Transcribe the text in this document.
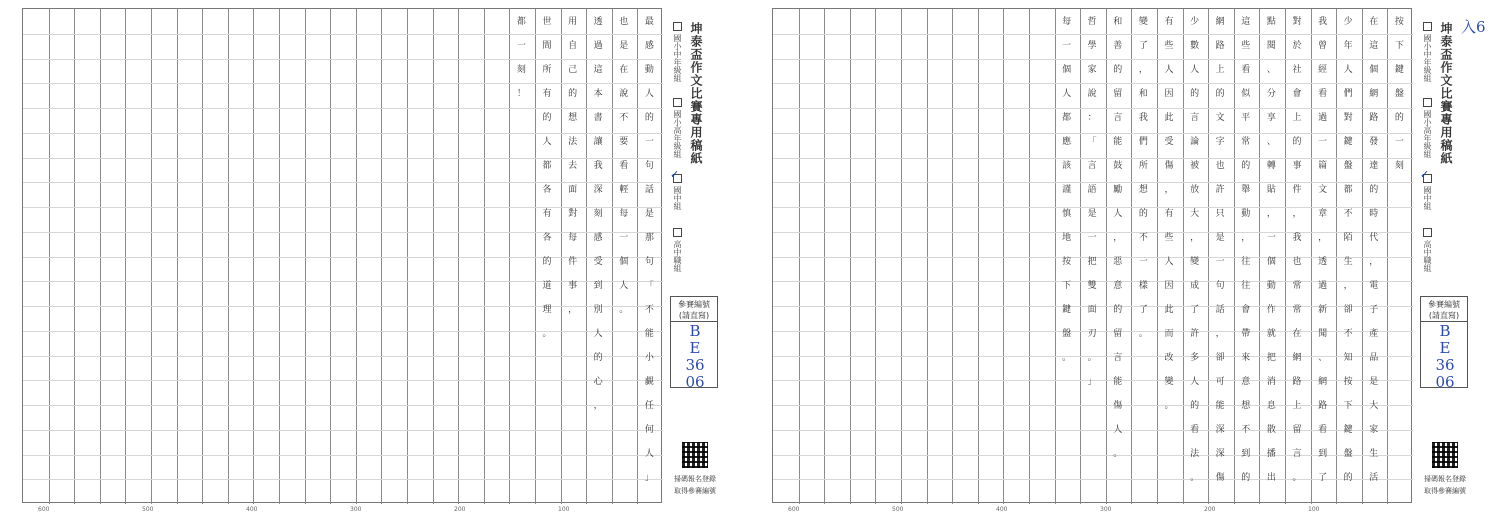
最
感
動
人
的
一
句
話
是
那
句
「
不
能
小
覷
任
何
人
」
也
是
在
說
不
要
看
輕
每
一
個
人
。
透
過
這
本
書
讓
我
深
刻
感
受
到
別
人
的
心
，
用
自
己
的
想
法
去
面
對
每
件
事
，
世
間
所
有
的
人
都
各
有
各
的
道
理
。
都
一
刻
！	坤泰盃作文比賽專用稿紙
國小中年級組
國小高年級組
國中組
✓
高中職組
參賽編號
(請直寫)
BE3606
掃碼報名登錄
取得參賽編號
按
下
鍵
盤
的
一
刻
在
這
個
網
路
發
達
的
時
代
，
電
子
產
品
是
大
家
生
活
少
年
人
們
對
鍵
盤
都
不
陌
生
，
卻
不
知
按
下
鍵
盤
的
我
曾
經
看
過
一
篇
文
章
，
透
過
新
聞
、
網
路
看
到
了
對
於
社
會
上
的
事
件
，
我
也
常
常
在
網
路
上
留
言
。
點
閱
、
分
享
、
轉
貼
，
一
個
動
作
就
把
消
息
散
播
出
這
些
看
似
平
常
的
舉
動
，
往
往
會
帶
來
意
想
不
到
的
網
路
上
的
文
字
也
許
只
是
一
句
話
，
卻
可
能
深
深
傷
少
數
人
的
言
論
被
放
大
，
變
成
了
許
多
人
的
看
法
。
有
些
人
因
此
受
傷
，
有
些
人
因
此
而
改
變
。
變
了
，
和
我
們
所
想
的
不
一
樣
了
。
和
善
的
留
言
能
鼓
勵
人
，
惡
意
的
留
言
能
傷
人
。
哲
學
家
說
：
「
言
語
是
一
把
雙
面
刃
。
」
每
一
個
人
都
應
該
謹
慎
地
按
下
鍵
盤
。
坤泰盃作文比賽專用稿紙
國小中年級組
國小高年級組
國中組
✓
高中職組
參賽編號
(請直寫)
BE3606
掃碼報名登錄
取得參賽編號
入6
600	500	400	300	200	100	600	500	400	300	200	100
